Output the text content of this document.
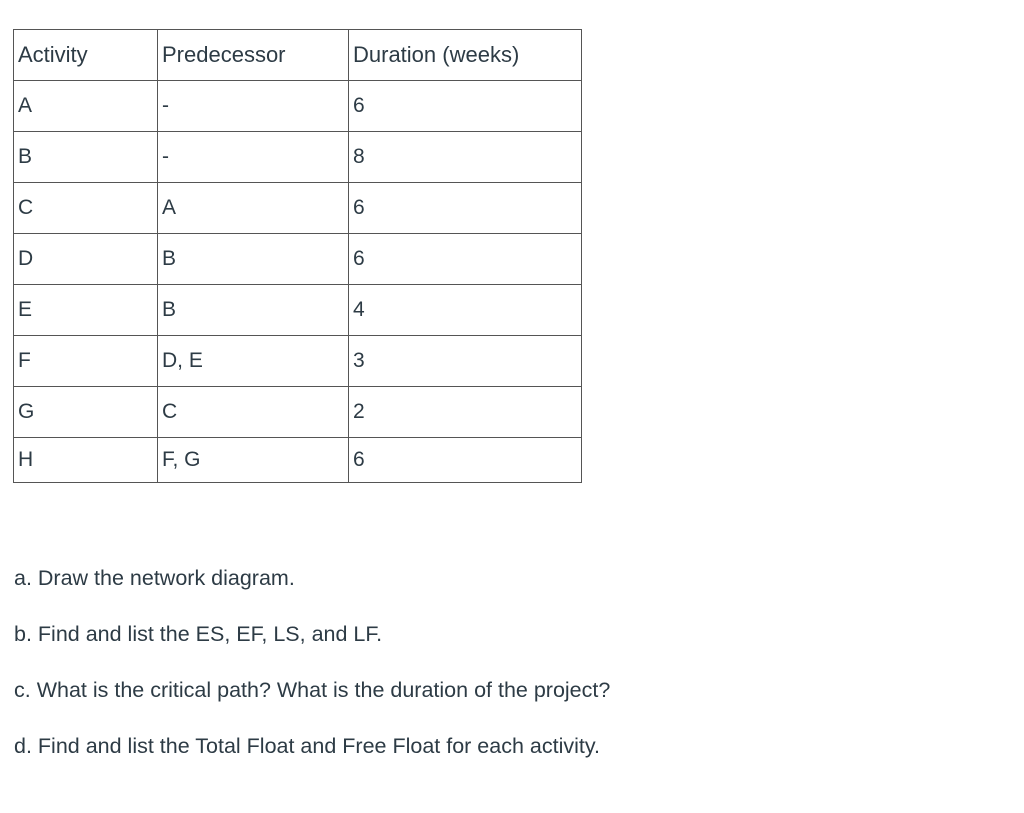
Activity	Predecessor	Duration (weeks)
A	-	6
B	-	8
C	A	6
D	B	6
E	B	4
F	D, E	3
G	C	2
H	F, G	6

a. Draw the network diagram.

b. Find and list the ES, EF, LS, and LF.

c. What is the critical path? What is the duration of the project?

d. Find and list the Total Float and Free Float for each activity.
